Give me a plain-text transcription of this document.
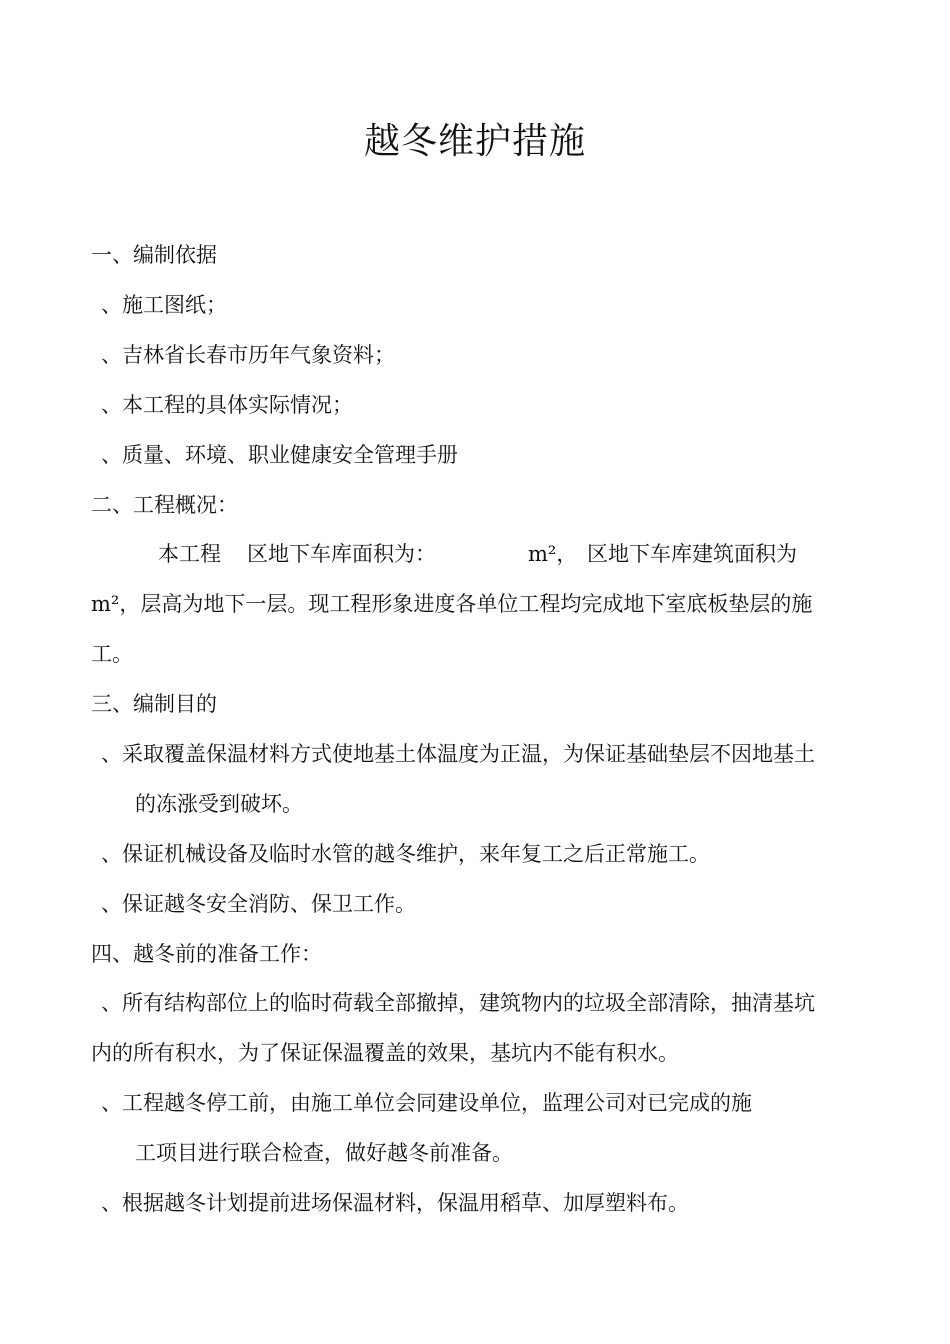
越冬维护措施

一、编制依据

、施工图纸；

、吉林省长春市历年气象资料；

、本工程的具体实际情况；

、质量、环境、职业健康安全管理手册

二、工程概况：

本工程 区地下车库面积为：	m²， 区地下车库建筑面积为

m²，层高为地下一层。现工程形象进度各单位工程均完成地下室底板垫层的施

工。

三、编制目的

、采取覆盖保温材料方式使地基土体温度为正温，为保证基础垫层不因地基土

的冻涨受到破坏。

、保证机械设备及临时水管的越冬维护，来年复工之后正常施工。

、保证越冬安全消防、保卫工作。

四、越冬前的准备工作：

、所有结构部位上的临时荷载全部撤掉，建筑物内的垃圾全部清除，抽清基坑

内的所有积水，为了保证保温覆盖的效果，基坑内不能有积水。

、工程越冬停工前，由施工单位会同建设单位，监理公司对已完成的施

工项目进行联合检查，做好越冬前准备。

、根据越冬计划提前进场保温材料，保温用稻草、加厚塑料布。
